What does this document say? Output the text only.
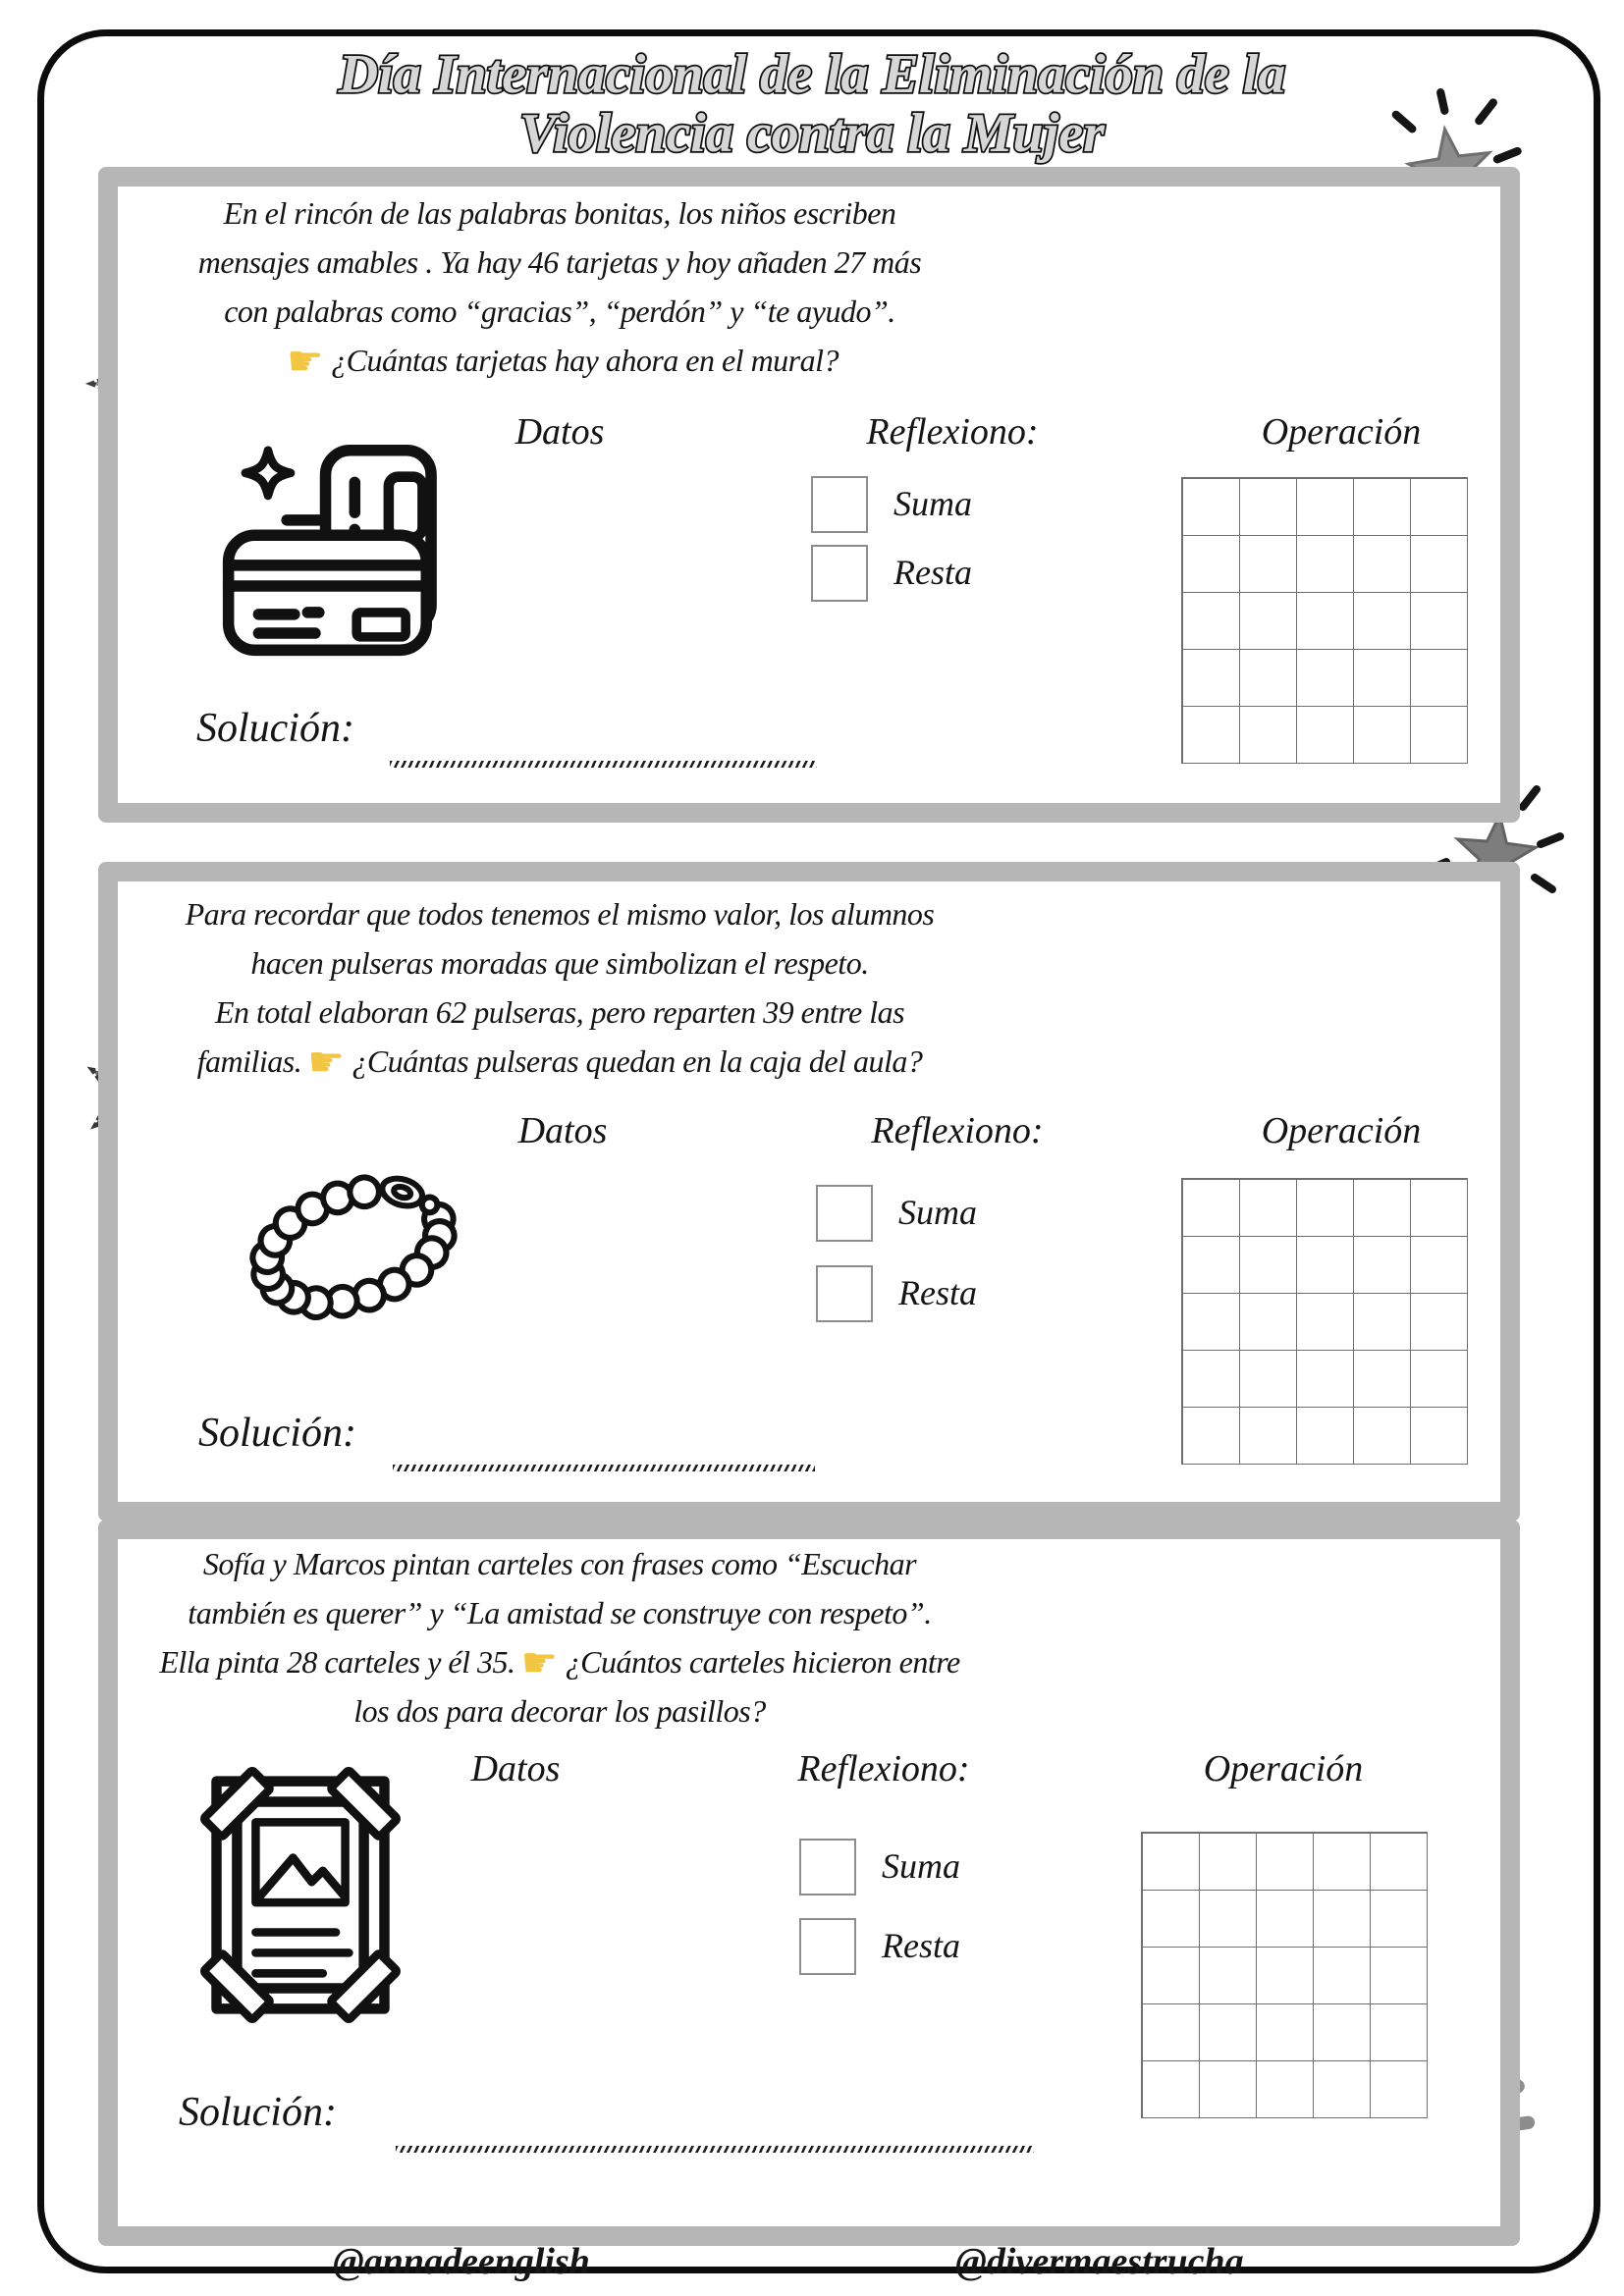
Día Internacional de la Eliminación de la
Violencia contra la Mujer
En el rincón de las palabras bonitas, los niños escriben
mensajes amables . Ya hay 46 tarjetas y hoy añaden 27 más
con palabras como “gracias”, “perdón” y “te ayudo”.
☛ ¿Cuántas tarjetas hay ahora en el mural?
Datos	Reflexiono:	Operación
Suma
Resta
Solución:
Para recordar que todos tenemos el mismo valor, los alumnos
hacen pulseras moradas que simbolizan el respeto.
En total elaboran 62 pulseras, pero reparten 39 entre las
familias. ☛ ¿Cuántas pulseras quedan en la caja del aula?
Datos	Reflexiono:	Operación
Suma
Resta
Solución:
Sofía y Marcos pintan carteles con frases como “Escuchar
también es querer” y “La amistad se construye con respeto”.
Ella pinta 28 carteles y él 35. ☛ ¿Cuántos carteles hicieron entre
los dos para decorar los pasillos?
Datos	Reflexiono:	Operación
Suma
Resta
Solución:
@annadeenglish	@divermaestrucha
